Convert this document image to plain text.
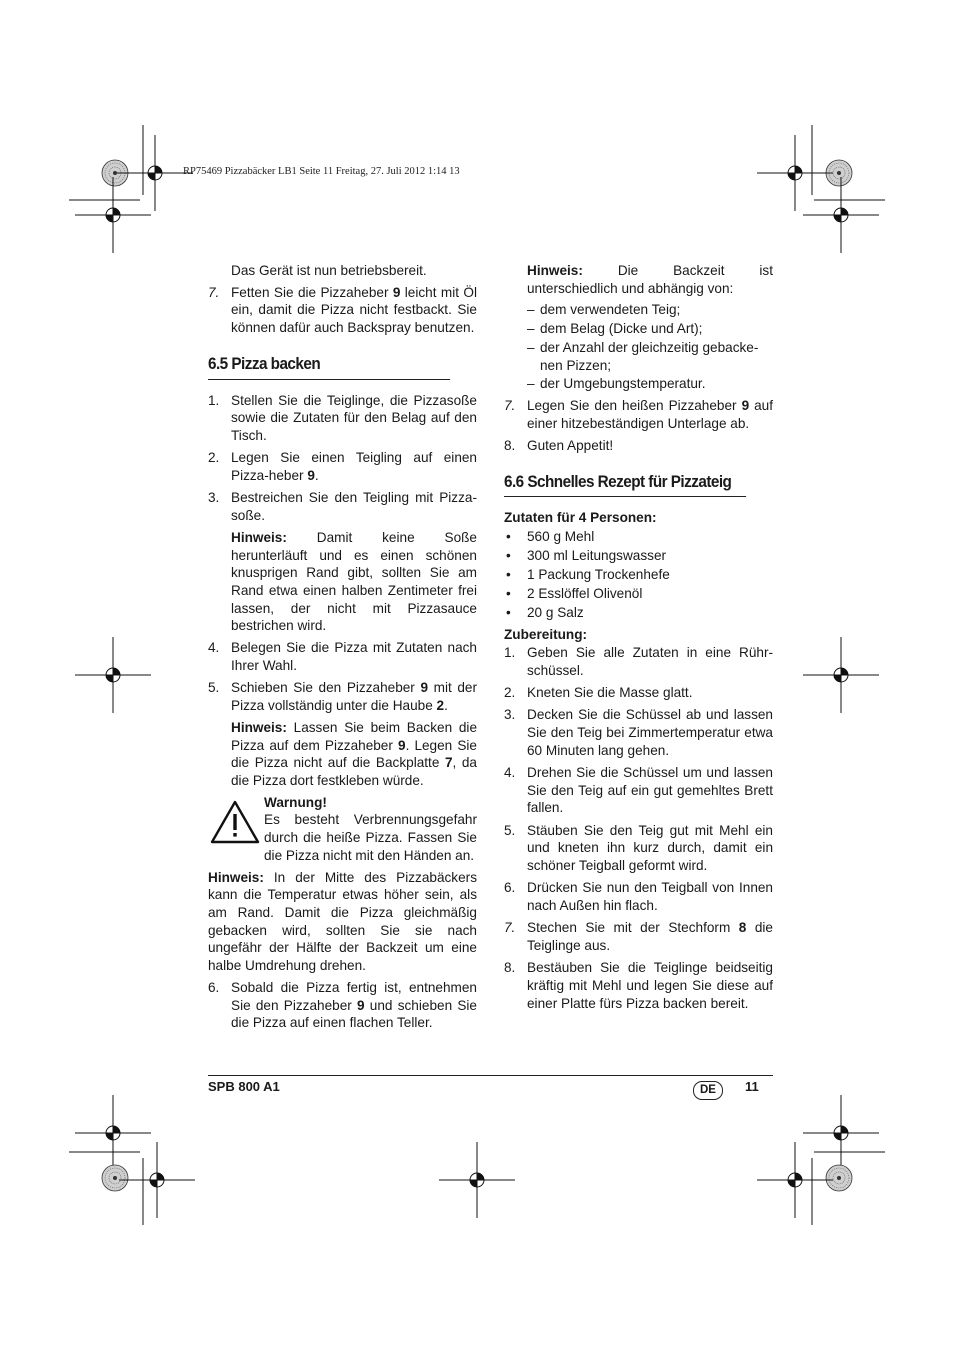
RP75469 Pizzabäcker LB1 Seite 11 Freitag, 27. Juli 2012 1:14 13

Das Gerät ist nun betriebsbereit.

7. Fetten Sie die Pizzaheber 9 leicht mit Öl ein, damit die Pizza nicht festbackt. Sie können dafür auch Backspray benutzen.
6.5 Pizza backen
1. Stellen Sie die Teiglinge, die Pizzasoße sowie die Zutaten für den Belag auf den Tisch.
2. Legen Sie einen Teigling auf einen Pizza-heber 9.
3. Bestreichen Sie den Teigling mit Pizza-soße.

Hinweis: Damit keine Soße herunterläuft und es einen schönen knusprigen Rand gibt, sollten Sie am Rand etwa einen halben Zentimeter frei lassen, der nicht mit Pizzasauce bestrichen wird.

4. Belegen Sie die Pizza mit Zutaten nach Ihrer Wahl.
5. Schieben Sie den Pizzaheber 9 mit der Pizza vollständig unter die Haube 2.

Hinweis: Lassen Sie beim Backen die Pizza auf dem Pizzaheber 9. Legen Sie die Pizza nicht auf die Backplatte 7, da die Pizza dort festkleben würde.

Warnung!
Es besteht Verbrennungsgefahr durch die heiße Pizza. Fassen Sie die Pizza nicht mit den Händen an.

Hinweis: In der Mitte des Pizzabäckers kann die Temperatur etwas höher sein, als am Rand. Damit die Pizza gleichmäßig gebacken wird, sollten Sie sie nach ungefähr der Hälfte der Backzeit um eine halbe Umdrehung drehen.

6. Sobald die Pizza fertig ist, entnehmen Sie den Pizzaheber 9 und schieben Sie die Pizza auf einen flachen Teller.

Hinweis: Die Backzeit ist unterschiedlich und abhängig von:

– dem verwendeten Teig;
– dem Belag (Dicke und Art);
– der Anzahl der gleichzeitig gebacke-nen Pizzen;
– der Umgebungstemperatur.
7. Legen Sie den heißen Pizzaheber 9 auf einer hitzebeständigen Unterlage ab.
8. Guten Appetit!
6.6 Schnelles Rezept für Pizzateig
Zutaten für 4 Personen:
• 560 g Mehl
• 300 ml Leitungswasser
• 1 Packung Trockenhefe
• 2 Esslöffel Olivenöl
• 20 g Salz
Zubereitung:
1. Geben Sie alle Zutaten in eine Rühr-schüssel.
2. Kneten Sie die Masse glatt.
3. Decken Sie die Schüssel ab und lassen Sie den Teig bei Zimmertemperatur etwa 60 Minuten lang gehen.
4. Drehen Sie die Schüssel um und lassen Sie den Teig auf ein gut gemehltes Brett fallen.
5. Stäuben Sie den Teig gut mit Mehl ein und kneten ihn kurz durch, damit ein schöner Teigball geformt wird.
6. Drücken Sie nun den Teigball von Innen nach Außen hin flach.
7. Stechen Sie mit der Stechform 8 die Teiglinge aus.
8. Bestäuben Sie die Teiglinge beidseitig kräftig mit Mehl und legen Sie diese auf einer Platte fürs Pizza backen bereit.
SPB 800 A1	DE	11
